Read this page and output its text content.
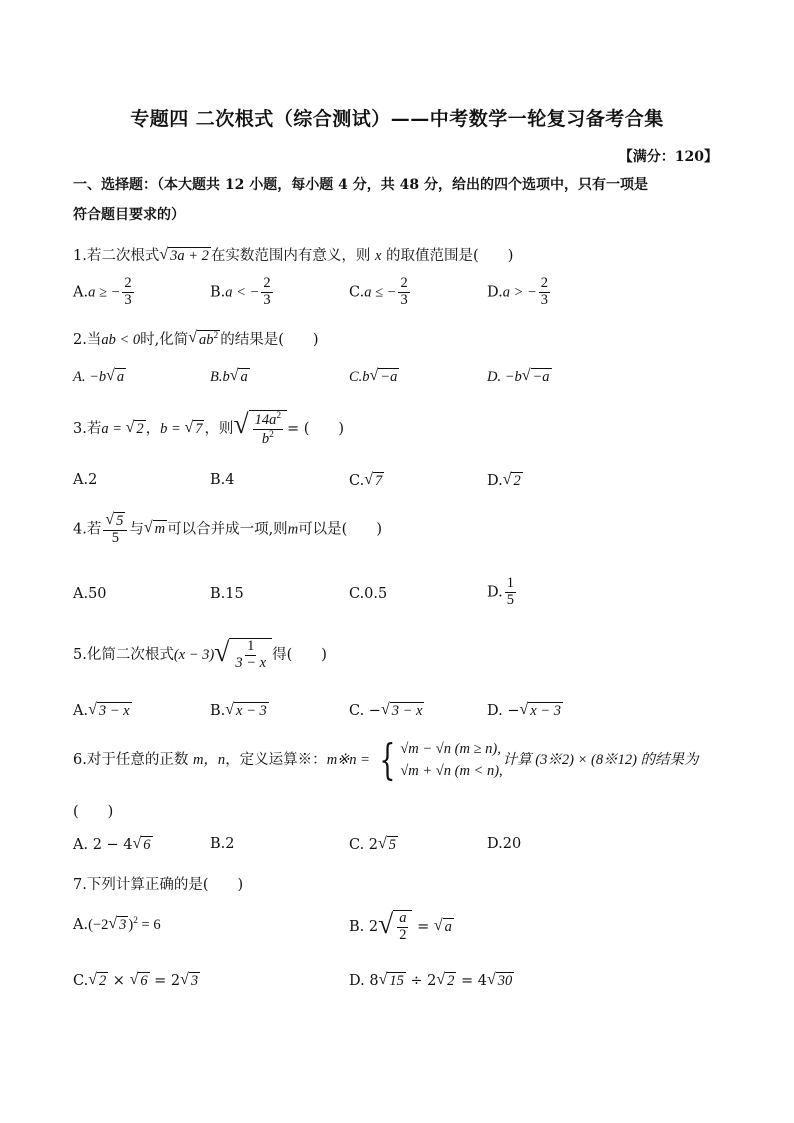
专题四 二次根式（综合测试）——中考数学一轮复习备考合集
【满分：120】
一、选择题：（本大题共 12 小题，每小题 4 分，共 48 分，给出的四个选项中，只有一项是
符合题目要求的）
1.若二次根式 √ 3a + 2 在实数范围内有意义，则 x 的取值范围是(　　)
A.a ≥ − $\frac{2}{3}$	B.a < − $\frac{2}{3}$	C.a ≤ − $\frac{2}{3}$	D.a > − $\frac{2}{3}$
2.当ab < 0时,化简 √ $ab^2$ 的结果是(　　)
A. −b √ a	B.b √ a	C.b √ −a	D. −b √ −a
3.若a = √ 2 ，b = √ 7 ，则 √ $\frac{14a^2}{b^2}$ = (　　)
A.2	B.4	C. √ 7	D. √ 2
4.若 $\frac{√ 5}{5}$ 与 √ m 可以合并成一项,则m可以是(　　)
A.50	B.15	C.0.5	D. $\frac{1}{5}$
5.化简二次根式(x − 3) √ $\frac{1}{3 - x}$ 得(　　)
A. √ 3 − x	B. √ x − 3	C. − √ 3 − x	D. − √ x − 3
6.对于任意的正数 m，n，定义运算※：m※n = { √m − √n (m ≥ n),
√m + √n (m < n),
计算 (3※2) × (8※12) 的结果为
(　　)
A. 2 − 4 √ 6	B.2	C. 2 √ 5	D.20
7.下列计算正确的是(　　)
A.(−2 √ 3 )$^2$ = 6	B. 2 √ $\frac{a}{2}$ = √ a
C. √ 2 × √ 6 = 2 √ 3	D. 8 √ 15 ÷ 2 √ 2 = 4 √ 30
